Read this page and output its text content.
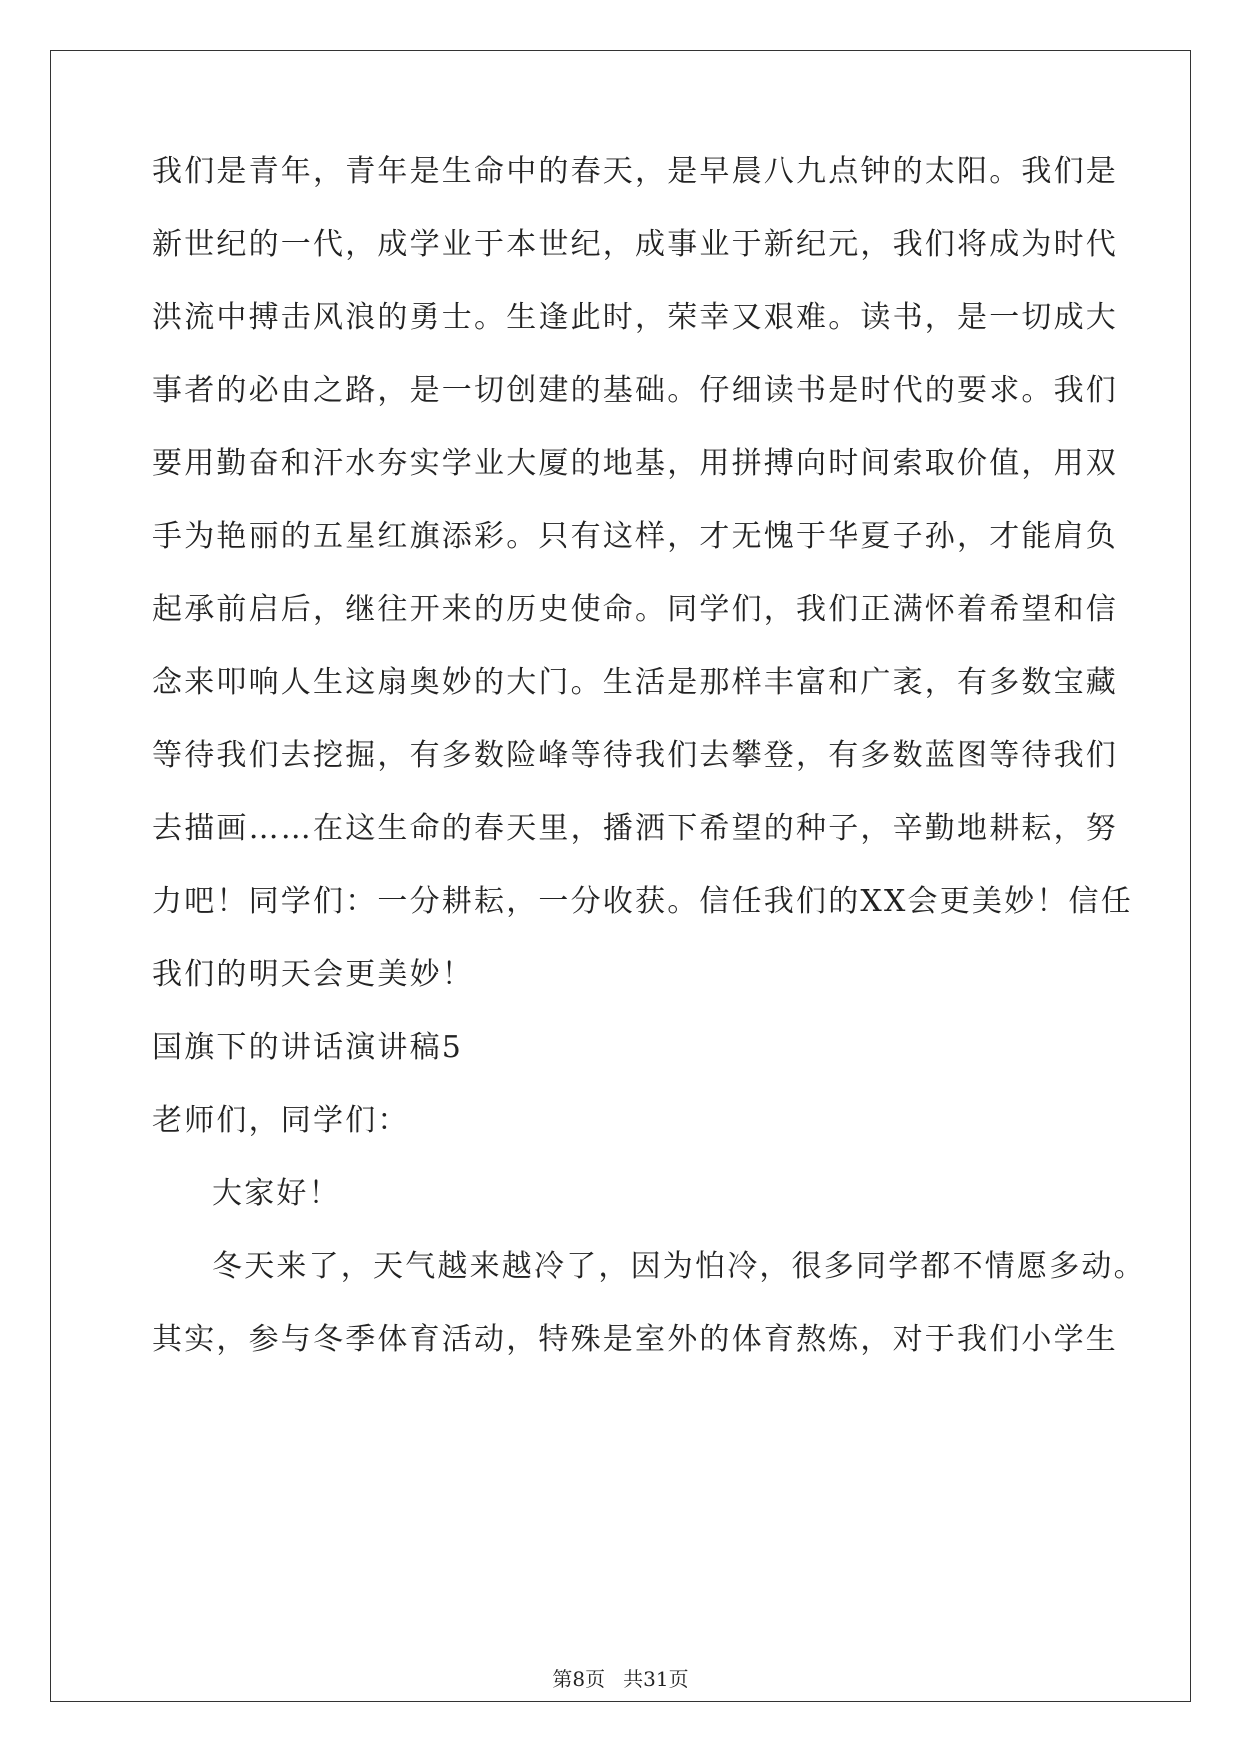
我们是青年，青年是生命中的春天，是早晨八九点钟的太阳。我们是
新世纪的一代，成学业于本世纪，成事业于新纪元，我们将成为时代
洪流中搏击风浪的勇士。生逢此时，荣幸又艰难。读书，是一切成大
事者的必由之路，是一切创建的基础。仔细读书是时代的要求。我们
要用勤奋和汗水夯实学业大厦的地基，用拼搏向时间索取价值，用双
手为艳丽的五星红旗添彩。只有这样，才无愧于华夏子孙，才能肩负
起承前启后，继往开来的历史使命。同学们，我们正满怀着希望和信
念来叩响人生这扇奥妙的大门。生活是那样丰富和广袤，有多数宝藏
等待我们去挖掘，有多数险峰等待我们去攀登，有多数蓝图等待我们
去描画……在这生命的春天里，播洒下希望的种子，辛勤地耕耘，努
力吧！同学们：一分耕耘，一分收获。信任我们的XX会更美妙！信任
我们的明天会更美妙！
国旗下的讲话演讲稿5
老师们，同学们：
大家好！
冬天来了，天气越来越冷了，因为怕冷，很多同学都不情愿多动。
其实，参与冬季体育活动，特殊是室外的体育熬炼，对于我们小学生
第8页 共31页
